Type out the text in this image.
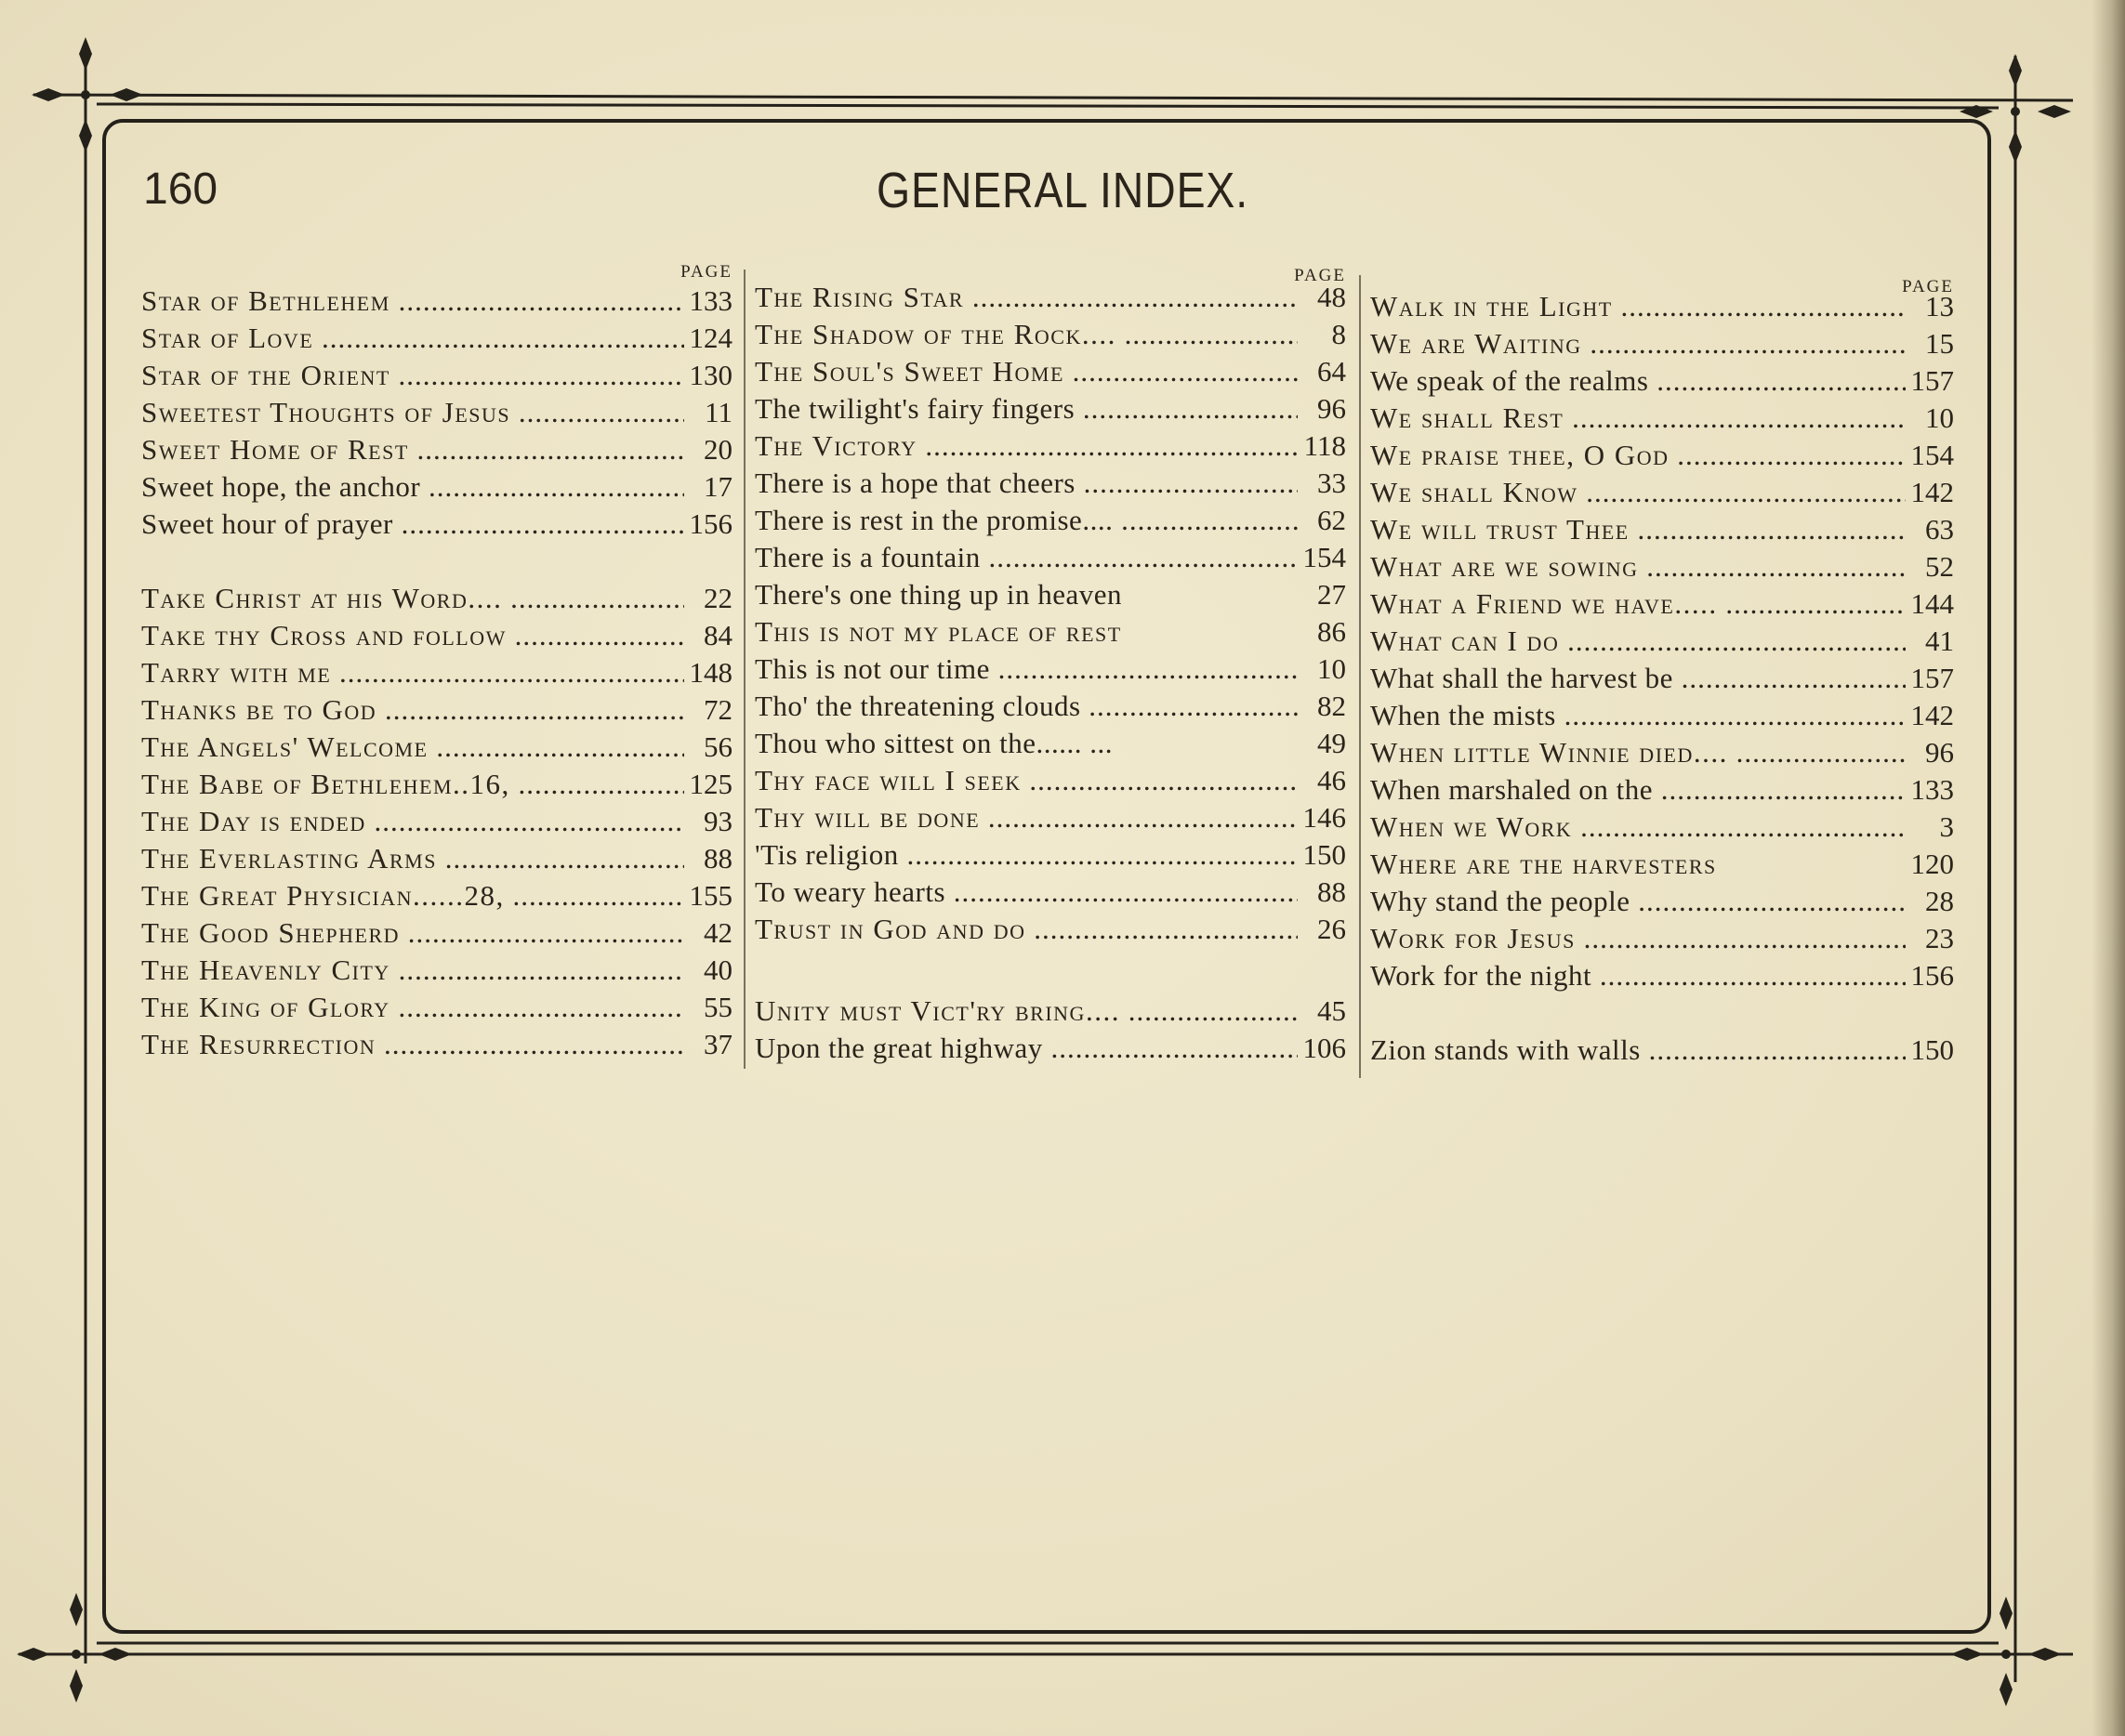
160	GENERAL INDEX.
PAGE
Star of Bethlehem .....	133
Star of Love .....	124
Star of the Orient .....	130
Sweetest Thoughts of Jesus .....	11
Sweet Home of Rest .....	20
Sweet hope, the anchor .....	17
Sweet hour of prayer .....	156
Take Christ at his Word.... .....	22
Take thy Cross and follow .....	84
Tarry with me .....	148
Thanks be to God .....	72
The Angels' Welcome .....	56
The Babe of Bethlehem..16, .....	125
The Day is ended .....	93
The Everlasting Arms .....	88
The Great Physician......28, .....	155
The Good Shepherd .....	42
The Heavenly City .....	40
The King of Glory .....	55
The Resurrection .....	37
PAGE
The Rising Star .....	48
The Shadow of the Rock.... .....	8
The Soul's Sweet Home .....	64
The twilight's fairy fingers .....	96
The Victory .....	118
There is a hope that cheers .....	33
There is rest in the promise.... .....	62
There is a fountain .....	154
There's one thing up in heaven	27
This is not my place of rest	86
This is not our time .....	10
Tho' the threatening clouds .....	82
Thou who sittest on the...... ...	49
Thy face will I seek .....	46
Thy will be done .....	146
'Tis religion .....	150
To weary hearts .....	88
Trust in God and do .....	26
Unity must Vict'ry bring.... .....	45
Upon the great highway .....	106
PAGE
Walk in the Light .....	13
We are Waiting .....	15
We speak of the realms .....	157
We shall Rest .....	10
We praise thee, O God .....	154
We shall Know .....	142
We will trust Thee .....	63
What are we sowing .....	52
What a Friend we have..... .....	144
What can I do .....	41
What shall the harvest be .....	157
When the mists .....	142
When little Winnie died.... .....	96
When marshaled on the .....	133
When we Work .....	3
Where are the harvesters	120
Why stand the people .....	28
Work for Jesus .....	23
Work for the night .....	156
Zion stands with walls .....	150
